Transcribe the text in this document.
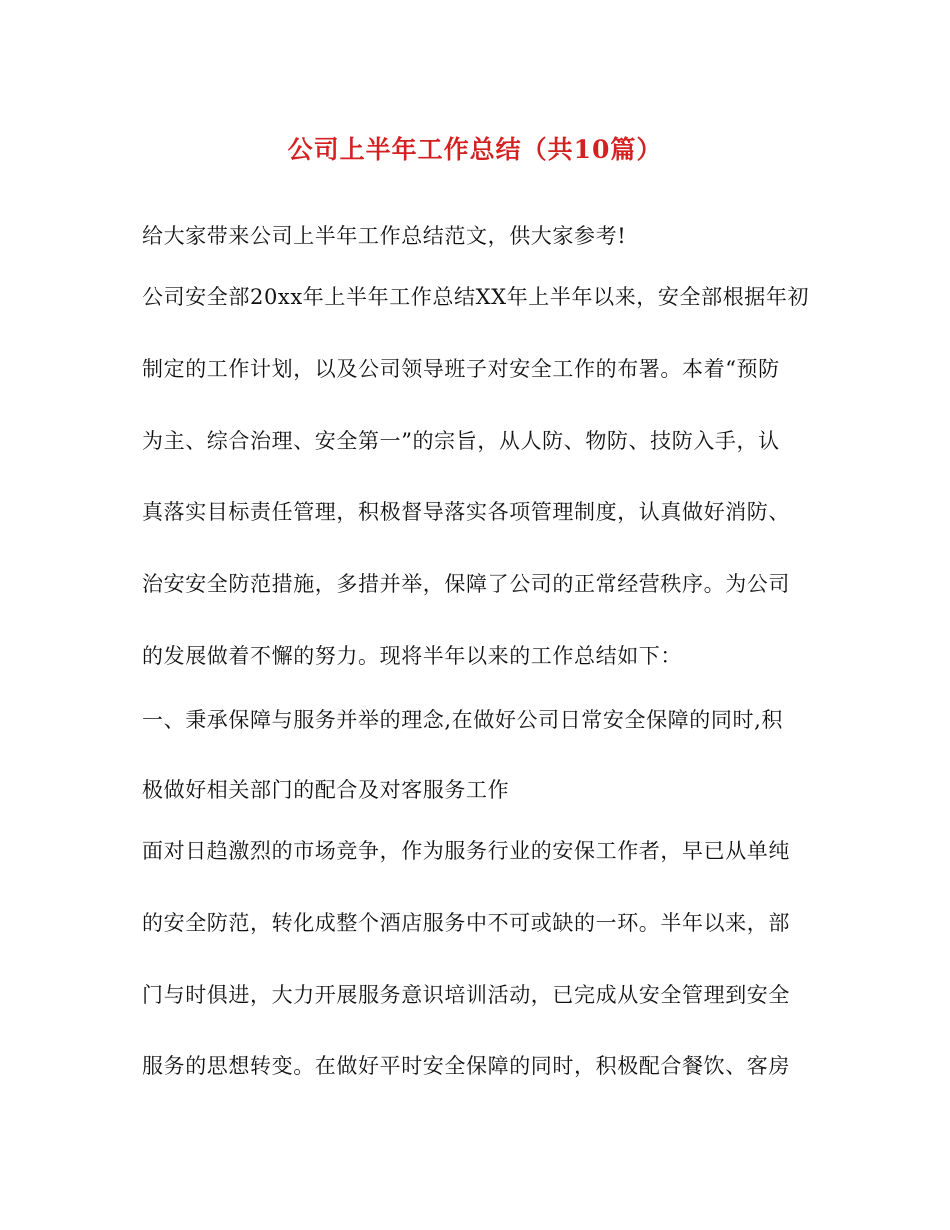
公司上半年工作总结（共10篇）
给大家带来公司上半年工作总结范文，供大家参考!
公司安全部20xx年上半年工作总结XX年上半年以来，安全部根据年初
制定的工作计划，以及公司领导班子对安全工作的布署。本着“预防
为主、综合治理、安全第一”的宗旨，从人防、物防、技防入手，认
真落实目标责任管理，积极督导落实各项管理制度，认真做好消防、
治安安全防范措施，多措并举，保障了公司的正常经营秩序。为公司
的发展做着不懈的努力。现将半年以来的工作总结如下：
一、秉承保障与服务并举的理念,在做好公司日常安全保障的同时,积
极做好相关部门的配合及对客服务工作
面对日趋激烈的市场竞争，作为服务行业的安保工作者，早已从单纯
的安全防范，转化成整个酒店服务中不可或缺的一环。半年以来，部
门与时俱进，大力开展服务意识培训活动，已完成从安全管理到安全
服务的思想转变。在做好平时安全保障的同时，积极配合餐饮、客房
